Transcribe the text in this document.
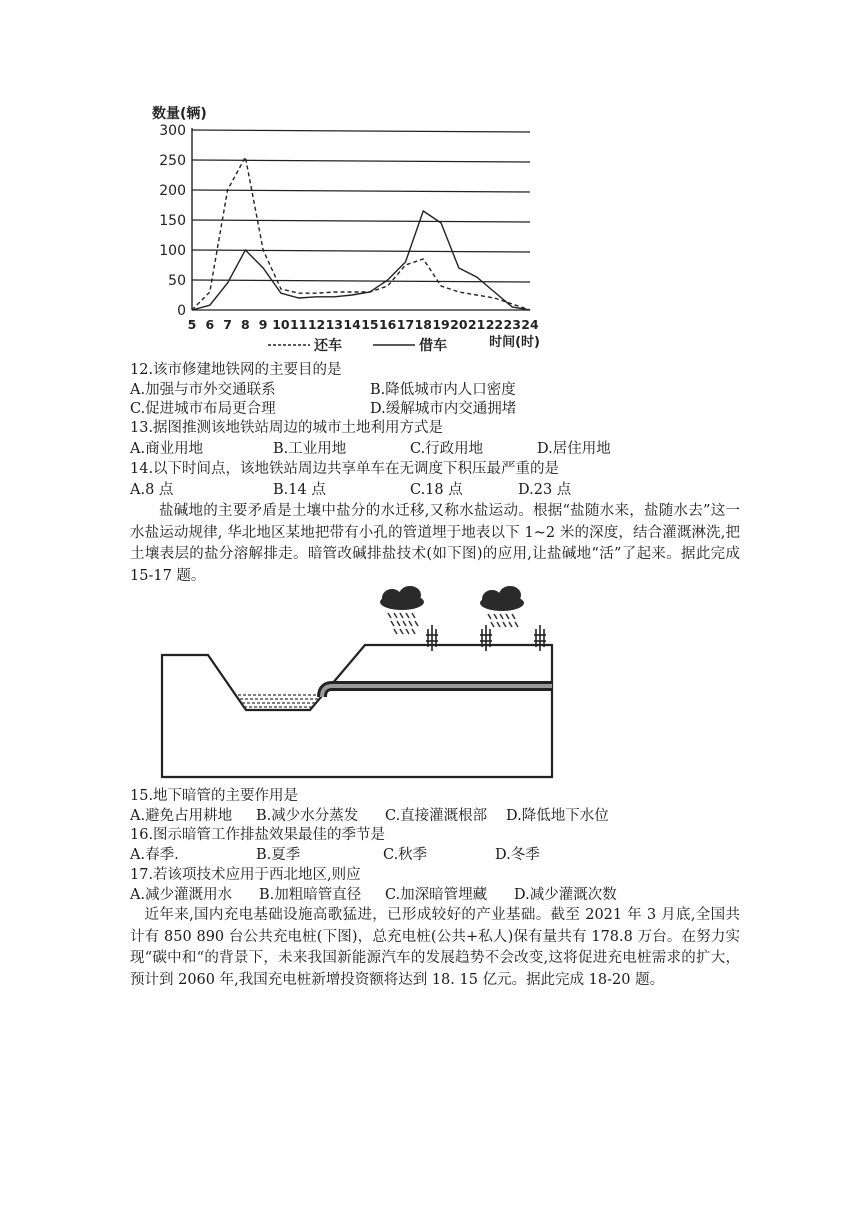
0
50
100
150
200
250
300
5 6 7 8 9 10 11 12 13 14 15 16 17 18 19 20 21 22 23 24
数量(辆)
时间(时)
还车	借车
12.该市修建地铁网的主要目的是
A.加强与市外交通联系	B.降低城市内人口密度
C.促进城市布局更合理	D.缓解城市内交通拥堵
13.据图推测该地铁站周边的城市土地利用方式是
A.商业用地	B.工业用地	C.行政用地	D.居住用地
14.以下时间点，该地铁站周边共享单车在无调度下积压最严重的是
A.8 点	B.14 点	C.18 点	D.23 点
盐碱地的主要矛盾是土壤中盐分的水迁移,又称水盐运动。根据“盐随水来，盐随水去”这一水盐运动规律, 华北地区某地把带有小孔的管道埋于地表以下 1~2 米的深度，结合灌溉淋洗,把土壤表层的盐分溶解排走。暗管改碱排盐技术(如下图)的应用,让盐碱地“活”了起来。据此完成 15-17 题。
15.地下暗管的主要作用是
A.避免占用耕地 B.减少水分蒸发 C.直接灌溉根部 D.降低地下水位
16.图示暗管工作排盐效果最佳的季节是
A.春季.	B.夏季	C.秋季	D.冬季
17.若该项技术应用于西北地区,则应
A.减少灌溉用水 B.加粗暗管直径 C.加深暗管埋藏 D.减少灌溉次数
近年来,国内充电基础设施高歌猛进，已形成较好的产业基础。截至 2021 年 3 月底,全国共计有 850 890 台公共充电桩(下图)，总充电桩(公共+私人)保有量共有 178.8 万台。在努力实现“碳中和“的背景下，未来我国新能源汽车的发展趋势不会改变,这将促进充电桩需求的扩大，预计到 2060 年,我国充电桩新增投资额将达到 18. 15 亿元。据此完成 18-20 题。
